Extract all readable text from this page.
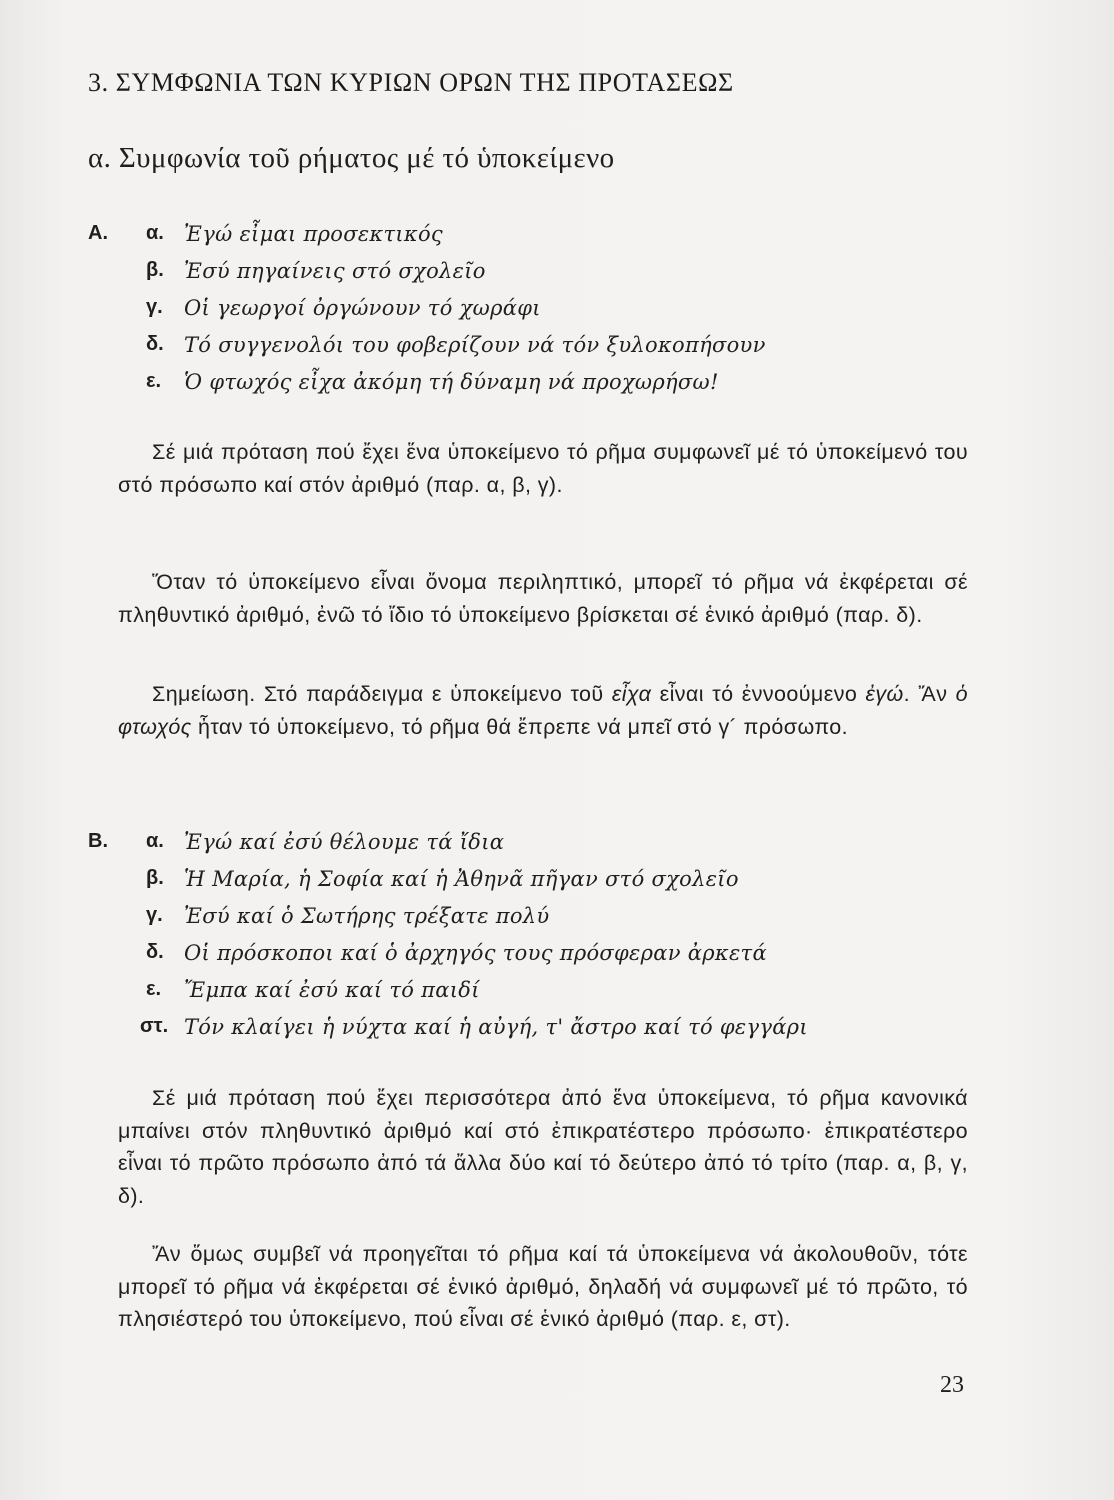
3. ΣΥΜΦΩΝΙΑ ΤΩΝ ΚΥΡΙΩΝ ΟΡΩΝ ΤΗΣ ΠΡΟΤΑΣΕΩΣ
α. Συμφωνία τοῦ ρήματος μέ τό ὑποκείμενο
Α. α. Ἐγώ εἶμαι προσεκτικός
β. Ἐσύ πηγαίνεις στό σχολεῖο
γ. Οἱ γεωργοί ὀργώνουν τό χωράφι
δ. Τό συγγενολόι του φοβερίζουν νά τόν ξυλοκοπήσουν
ε. Ὁ φτωχός εἶχα ἀκόμη τή δύναμη νά προχωρήσω!

Σέ μιά πρόταση πού ἔχει ἕνα ὑποκείμενο τό ρῆμα συμφωνεῖ μέ τό ὑποκείμενό του στό πρόσωπο καί στόν ἀριθμό (παρ. α, β, γ).

Ὅταν τό ὑποκείμενο εἶναι ὄνομα περιληπτικό, μπορεῖ τό ρῆμα νά ἐκφέρεται σέ πληθυντικό ἀριθμό, ἐνῶ τό ἴδιο τό ὑποκείμενο βρίσκεται σέ ἑνικό ἀριθμό (παρ. δ).

Σημείωση. Στό παράδειγμα ε ὑποκείμενο τοῦ εἶχα εἶναι τό ἐννοούμενο ἐγώ. Ἄν ὁ φτωχός ἦταν τό ὑποκείμενο, τό ρῆμα θά ἔπρεπε νά μπεῖ στό γ´ πρόσωπο.

Β. α. Ἐγώ καί ἐσύ θέλουμε τά ἴδια
β. Ἡ Μαρία, ἡ Σοφία καί ἡ Ἀθηνᾶ πῆγαν στό σχολεῖο
γ. Ἐσύ καί ὁ Σωτήρης τρέξατε πολύ
δ. Οἱ πρόσκοποι καί ὁ ἀρχηγός τους πρόσφεραν ἀρκετά
ε. Ἔμπα καί ἐσύ καί τό παιδί
στ. Τόν κλαίγει ἡ νύχτα καί ἡ αὐγή, τ' ἄστρο καί τό φεγγάρι

Σέ μιά πρόταση πού ἔχει περισσότερα ἀπό ἕνα ὑποκείμενα, τό ρῆμα κανονικά μπαίνει στόν πληθυντικό ἀριθμό καί στό ἐπικρατέστερο πρόσωπο· ἐπικρατέστερο εἶναι τό πρῶτο πρόσωπο ἀπό τά ἄλλα δύο καί τό δεύτερο ἀπό τό τρίτο (παρ. α, β, γ, δ).

Ἄν ὅμως συμβεῖ νά προηγεῖται τό ρῆμα καί τά ὑποκείμενα νά ἀκολουθοῦν, τότε μπορεῖ τό ρῆμα νά ἐκφέρεται σέ ἑνικό ἀριθμό, δηλαδή νά συμφωνεῖ μέ τό πρῶτο, τό πλησιέστερό του ὑποκείμενο, πού εἶναι σέ ἑνικό ἀριθμό (παρ. ε, στ).

23
